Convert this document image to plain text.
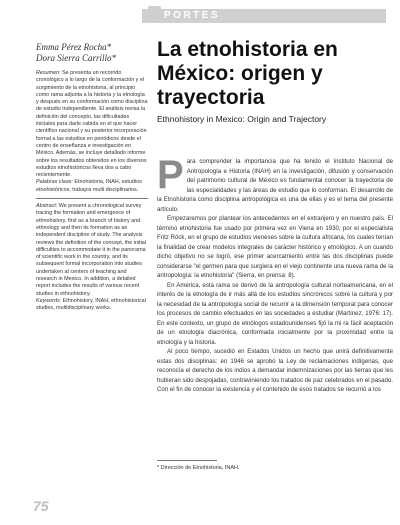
PORTES
La etnohistoria en México: origen y trayectoria

Ethnohistory in Mexico: Origin and Trajectory

Emma Pérez Rocha*
Dora Sierra Carrillo*

Resumen: Se presenta un recorrido cronológico a lo largo de la conformación y el surgimiento de la etnohistoria, al principio como rama adjunta a la historia y la etnología y después en su conformación como disciplina de estudio independiente. El análisis revisa la definición del concepto, las dificultades iniciales para darle cabida en el que hacer científico nacional y su posterior incorporación formal a las estudios en periódicos desde el centro de enseñanza e investigación en México. Además, se incluye detallado informe sobre los resultados obtenidos en los diversos estudios etnohistóricos lleva dos a cabo recientemente.

Palabras clave: Etnohistoria, INAH, estudios etnohistóricos, trabajos multi disciplinarios.

Abstract: We present a chronological survey tracing the formation and emergence of ethnohistory, first as a branch of history and ethnology and then its formation as an independent discipline of study. The analysis reviews the definition of the concept, the initial difficulties to accommodate it in the panorama of scientific work in the country, and its subsequent formal incorporation into studies undertaken at centers of teaching and research in Mexico. In addition, a detailed report includes the results of various recent studies in ethnohistory.

Keywords: Ethnohistory, INAH, ethnohistorical studies, multidisciplinary works.

Para comprender la importancia que ha tenido el Instituto Nacional de Antropología e Historia (INAH) en la investigación, difusión y conservación del patrimonio cultural de México es fundamental conocer la trayectoria de las especialidades y las áreas de estudio que lo conforman. El desarrollo de la Etnohistoria como disciplina antropológica es una de ellas y es el tema del presente artículo.

Empezaremos por plantear los antecedentes en el extranjero y en nuestro país. El término etnohistoria fue usado por primera vez en Viena en 1930, por el especialista Fritz Röck, en el grupo de estudios vieneses sobre la cultura africana, los cuales tenían la finalidad de crear modelos integrales de carácter histórico y etnológico. A un cuando dicho objetivo no se logró, ese primer acercamiento entre las dos disciplinas puede considerarse "el germen para que surgiera en el viejo continente una nueva rama de la antropología: la etnohistoria" (Sierra, en prensa: 8).

En América, esta rama se derivó de la antropología cultural norteamericana, en el interés de la etnología de ir más allá de los estudios sincrónicos sobre la cultura y por la necesidad de la antropología social de recurrir a la dimensión temporal para conocer los procesos de cambio efectuados en las sociedades a estudiar (Martínez, 1976: 17). En este contexto, un grupo de etnólogos estadounidenses fijó la mi ra fácil aceptación de un etnología diacrónica, conformada inicialmente por la proximidad entre la etnología y la historia.

Al poco tiempo, sucedió en Estados Unidos un hecho que unirá definitivamente estas dos disciplinas: en 1946 se aprobó la Ley de reclamaciones indígenas, que reconocía el derecho de los indios a demandar indemnizaciones por las tierras que les hubieran sido despojadas, contraviniendo los tratados de paz celebrados en el pasado. Con el fin de conocer la existencia y el contenido de esos tratados se recurrió a los

* Dirección de Etnohistoria, INAH.
75
